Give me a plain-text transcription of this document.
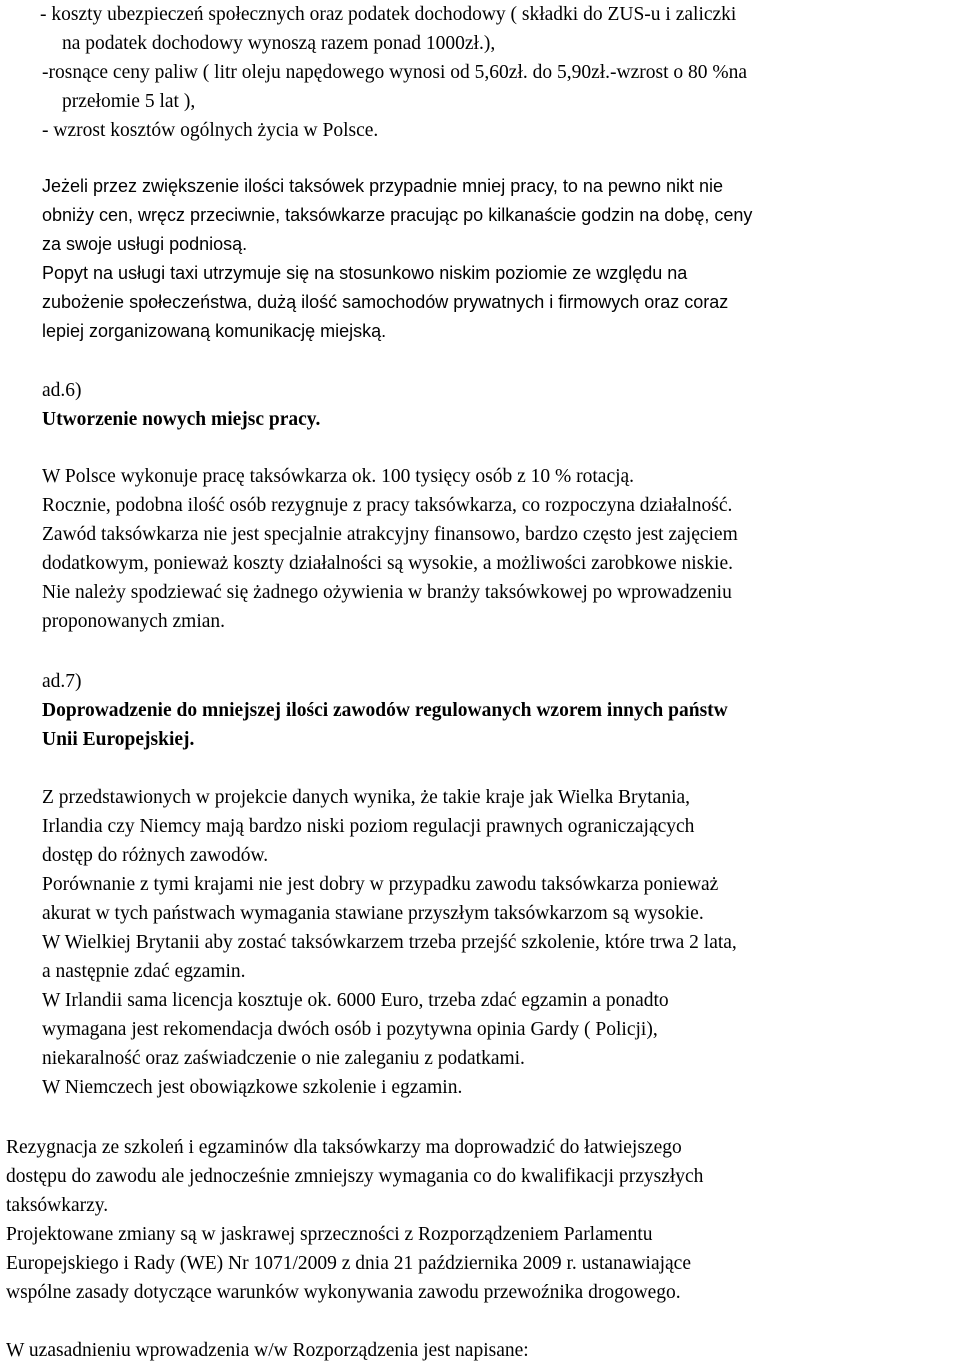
- koszty ubezpieczeń społecznych oraz podatek dochodowy ( składki do ZUS-u i zaliczki
na podatek dochodowy wynoszą razem ponad 1000zł.),
-rosnące ceny paliw ( litr oleju napędowego wynosi od 5,60zł. do 5,90zł.-wzrost o 80 %na
przełomie 5 lat ),
- wzrost kosztów ogólnych życia w Polsce.
Jeżeli przez zwiększenie ilości taksówek przypadnie mniej pracy, to na pewno nikt nie
obniży cen, wręcz przeciwnie, taksówkarze pracując po kilkanaście godzin na dobę, ceny
za swoje usługi podniosą.
Popyt na usługi taxi utrzymuje się na stosunkowo niskim poziomie ze względu na
zubożenie społeczeństwa, dużą ilość samochodów prywatnych i firmowych oraz coraz
lepiej zorganizowaną komunikację miejską.
ad.6)
Utworzenie nowych miejsc pracy.
W Polsce wykonuje pracę taksówkarza ok. 100 tysięcy osób z 10 % rotacją.
Rocznie, podobna ilość osób rezygnuje z pracy taksówkarza, co rozpoczyna działalność.
Zawód taksówkarza nie jest specjalnie atrakcyjny finansowo, bardzo często jest zajęciem
dodatkowym, ponieważ koszty działalności są wysokie, a możliwości zarobkowe niskie.
Nie należy spodziewać się żadnego ożywienia w branży taksówkowej po wprowadzeniu
proponowanych zmian.
ad.7)
Doprowadzenie do mniejszej ilości zawodów regulowanych wzorem innych państw
Unii Europejskiej.
Z przedstawionych w projekcie danych wynika, że takie kraje jak Wielka Brytania,
Irlandia czy Niemcy mają bardzo niski poziom regulacji prawnych ograniczających
dostęp do różnych zawodów.
Porównanie z tymi krajami nie jest dobry w przypadku zawodu taksówkarza ponieważ
akurat w tych państwach wymagania stawiane przyszłym taksówkarzom są wysokie.
W Wielkiej Brytanii aby zostać taksówkarzem trzeba przejść szkolenie, które trwa 2 lata,
a następnie zdać egzamin.
W Irlandii sama licencja kosztuje ok. 6000 Euro, trzeba zdać egzamin a ponadto
wymagana jest rekomendacja dwóch osób i pozytywna opinia Gardy ( Policji),
niekaralność oraz zaświadczenie o nie zaleganiu z podatkami.
W Niemczech jest obowiązkowe szkolenie i egzamin.
Rezygnacja ze szkoleń i egzaminów dla taksówkarzy ma doprowadzić do łatwiejszego
dostępu do zawodu ale jednocześnie zmniejszy wymagania co do kwalifikacji przyszłych
taksówkarzy.
Projektowane zmiany są w jaskrawej sprzeczności z Rozporządzeniem Parlamentu
Europejskiego i Rady (WE) Nr 1071/2009 z dnia 21 października 2009 r. ustanawiające
wspólne zasady dotyczące warunków wykonywania zawodu przewoźnika drogowego.
W uzasadnieniu wprowadzenia w/w Rozporządzenia jest napisane:
